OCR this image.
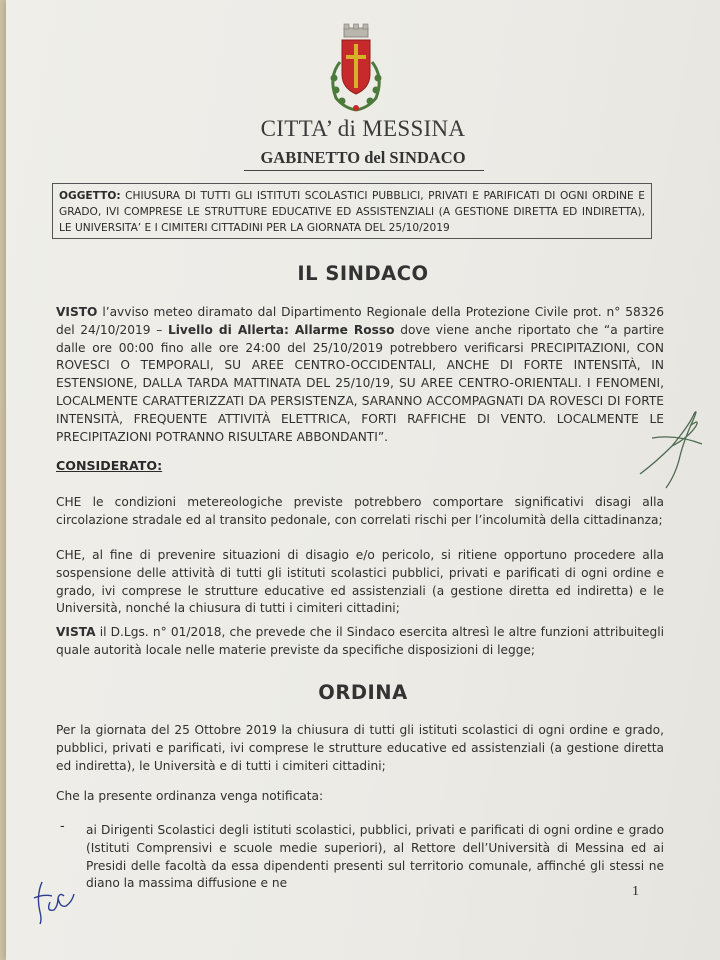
CITTA’ di MESSINA
GABINETTO del SINDACO
OGGETTO: CHIUSURA DI TUTTI GLI ISTITUTI SCOLASTICI PUBBLICI, PRIVATI E PARIFICATI DI OGNI ORDINE E GRADO, IVI COMPRESE LE STRUTTURE EDUCATIVE ED ASSISTENZIALI (A GESTIONE DIRETTA ED INDIRETTA), LE UNIVERSITA’ E I CIMITERI CITTADINI PER LA GIORNATA DEL 25/10/2019
IL SINDACO
VISTO l’avviso meteo diramato dal Dipartimento Regionale della Protezione Civile prot. n° 58326 del 24/10/2019 – Livello di Allerta: Allarme Rosso dove viene anche riportato che “a partire dalle ore 00:00 fino alle ore 24:00 del 25/10/2019 potrebbero verificarsi PRECIPITAZIONI, CON ROVESCI O TEMPORALI, SU AREE CENTRO-OCCIDENTALI, ANCHE DI FORTE INTENSITÀ, IN ESTENSIONE, DALLA TARDA MATTINATA DEL 25/10/19, SU AREE CENTRO-ORIENTALI. I FENOMENI, LOCALMENTE CARATTERIZZATI DA PERSISTENZA, SARANNO ACCOMPAGNATI DA ROVESCI DI FORTE INTENSITÀ, FREQUENTE ATTIVITÀ ELETTRICA, FORTI RAFFICHE DI VENTO. LOCALMENTE LE PRECIPITAZIONI POTRANNO RISULTARE ABBONDANTI”.
CONSIDERATO:
CHE le condizioni metereologiche previste potrebbero comportare significativi disagi alla circolazione stradale ed al transito pedonale, con correlati rischi per l’incolumità della cittadinanza;
CHE, al fine di prevenire situazioni di disagio e/o pericolo, si ritiene opportuno procedere alla sospensione delle attività di tutti gli istituti scolastici pubblici, privati e parificati di ogni ordine e grado, ivi comprese le strutture educative ed assistenziali (a gestione diretta ed indiretta) e le Università, nonché la chiusura di tutti i cimiteri cittadini;
VISTA il D.Lgs. n° 01/2018, che prevede che il Sindaco esercita altresì le altre funzioni attribuitegli quale autorità locale nelle materie previste da specifiche disposizioni di legge;
ORDINA
Per la giornata del 25 Ottobre 2019 la chiusura di tutti gli istituti scolastici di ogni ordine e grado, pubblici, privati e parificati, ivi comprese le strutture educative ed assistenziali (a gestione diretta ed indiretta), le Università e di tutti i cimiteri cittadini;
Che la presente ordinanza venga notificata:
- ai Dirigenti Scolastici degli istituti scolastici, pubblici, privati e parificati di ogni ordine e grado (Istituti Comprensivi e scuole medie superiori), al Rettore dell’Università di Messina ed ai Presidi delle facoltà da essa dipendenti presenti sul territorio comunale, affinché gli stessi ne diano la massima diffusione e ne
1
